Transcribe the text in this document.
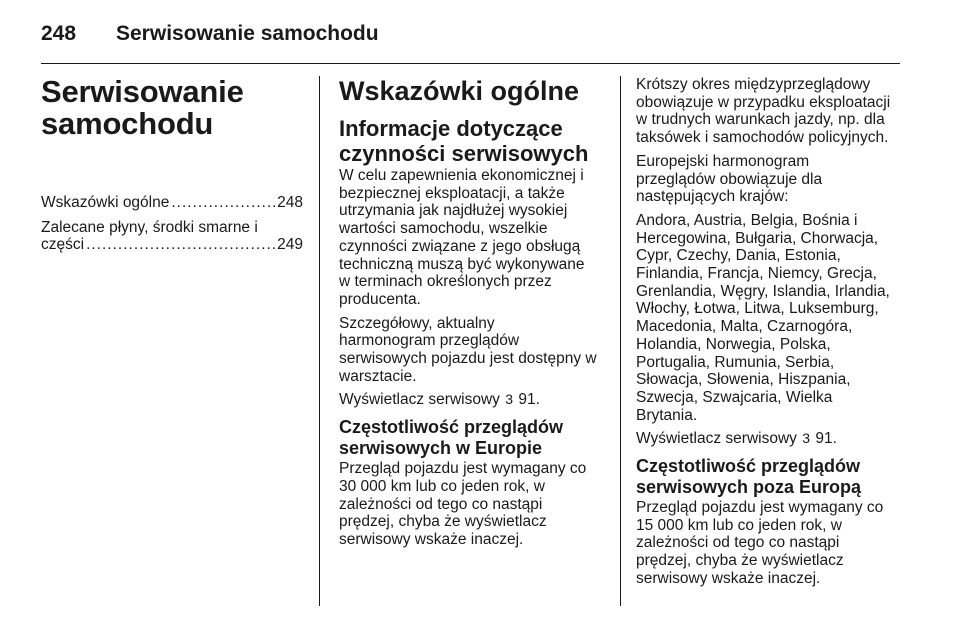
248	Serwisowanie samochodu
Serwisowanie
samochodu
Wskazówki ogólne .....	248
Zalecane płyny, środki smarne i
części .....	249
Wskazówki ogólne
Informacje dotyczące
czynności serwisowych

W celu zapewnienia ekonomicznej i
bezpiecznej eksploatacji, a także
utrzymania jak najdłużej wysokiej
wartości samochodu, wszelkie
czynności związane z jego obsługą
techniczną muszą być wykonywane
w terminach określonych przez
producenta.

Szczegółowy, aktualny
harmonogram przeglądów
serwisowych pojazdu jest dostępny w
warsztacie.

Wyświetlacz serwisowy 3 91.

Częstotliwość przeglądów
serwisowych w Europie

Przegląd pojazdu jest wymagany co
30 000 km lub co jeden rok, w
zależności od tego co nastąpi
prędzej, chyba że wyświetlacz
serwisowy wskaże inaczej.

Krótszy okres międzyprzeglądowy
obowiązuje w przypadku eksploatacji
w trudnych warunkach jazdy, np. dla
taksówek i samochodów policyjnych.

Europejski harmonogram
przeglądów obowiązuje dla
następujących krajów:

Andora, Austria, Belgia, Bośnia i
Hercegowina, Bułgaria, Chorwacja,
Cypr, Czechy, Dania, Estonia,
Finlandia, Francja, Niemcy, Grecja,
Grenlandia, Węgry, Islandia, Irlandia,
Włochy, Łotwa, Litwa, Luksemburg,
Macedonia, Malta, Czarnogóra,
Holandia, Norwegia, Polska,
Portugalia, Rumunia, Serbia,
Słowacja, Słowenia, Hiszpania,
Szwecja, Szwajcaria, Wielka
Brytania.

Wyświetlacz serwisowy 3 91.

Częstotliwość przeglądów
serwisowych poza Europą

Przegląd pojazdu jest wymagany co
15 000 km lub co jeden rok, w
zależności od tego co nastąpi
prędzej, chyba że wyświetlacz
serwisowy wskaże inaczej.
